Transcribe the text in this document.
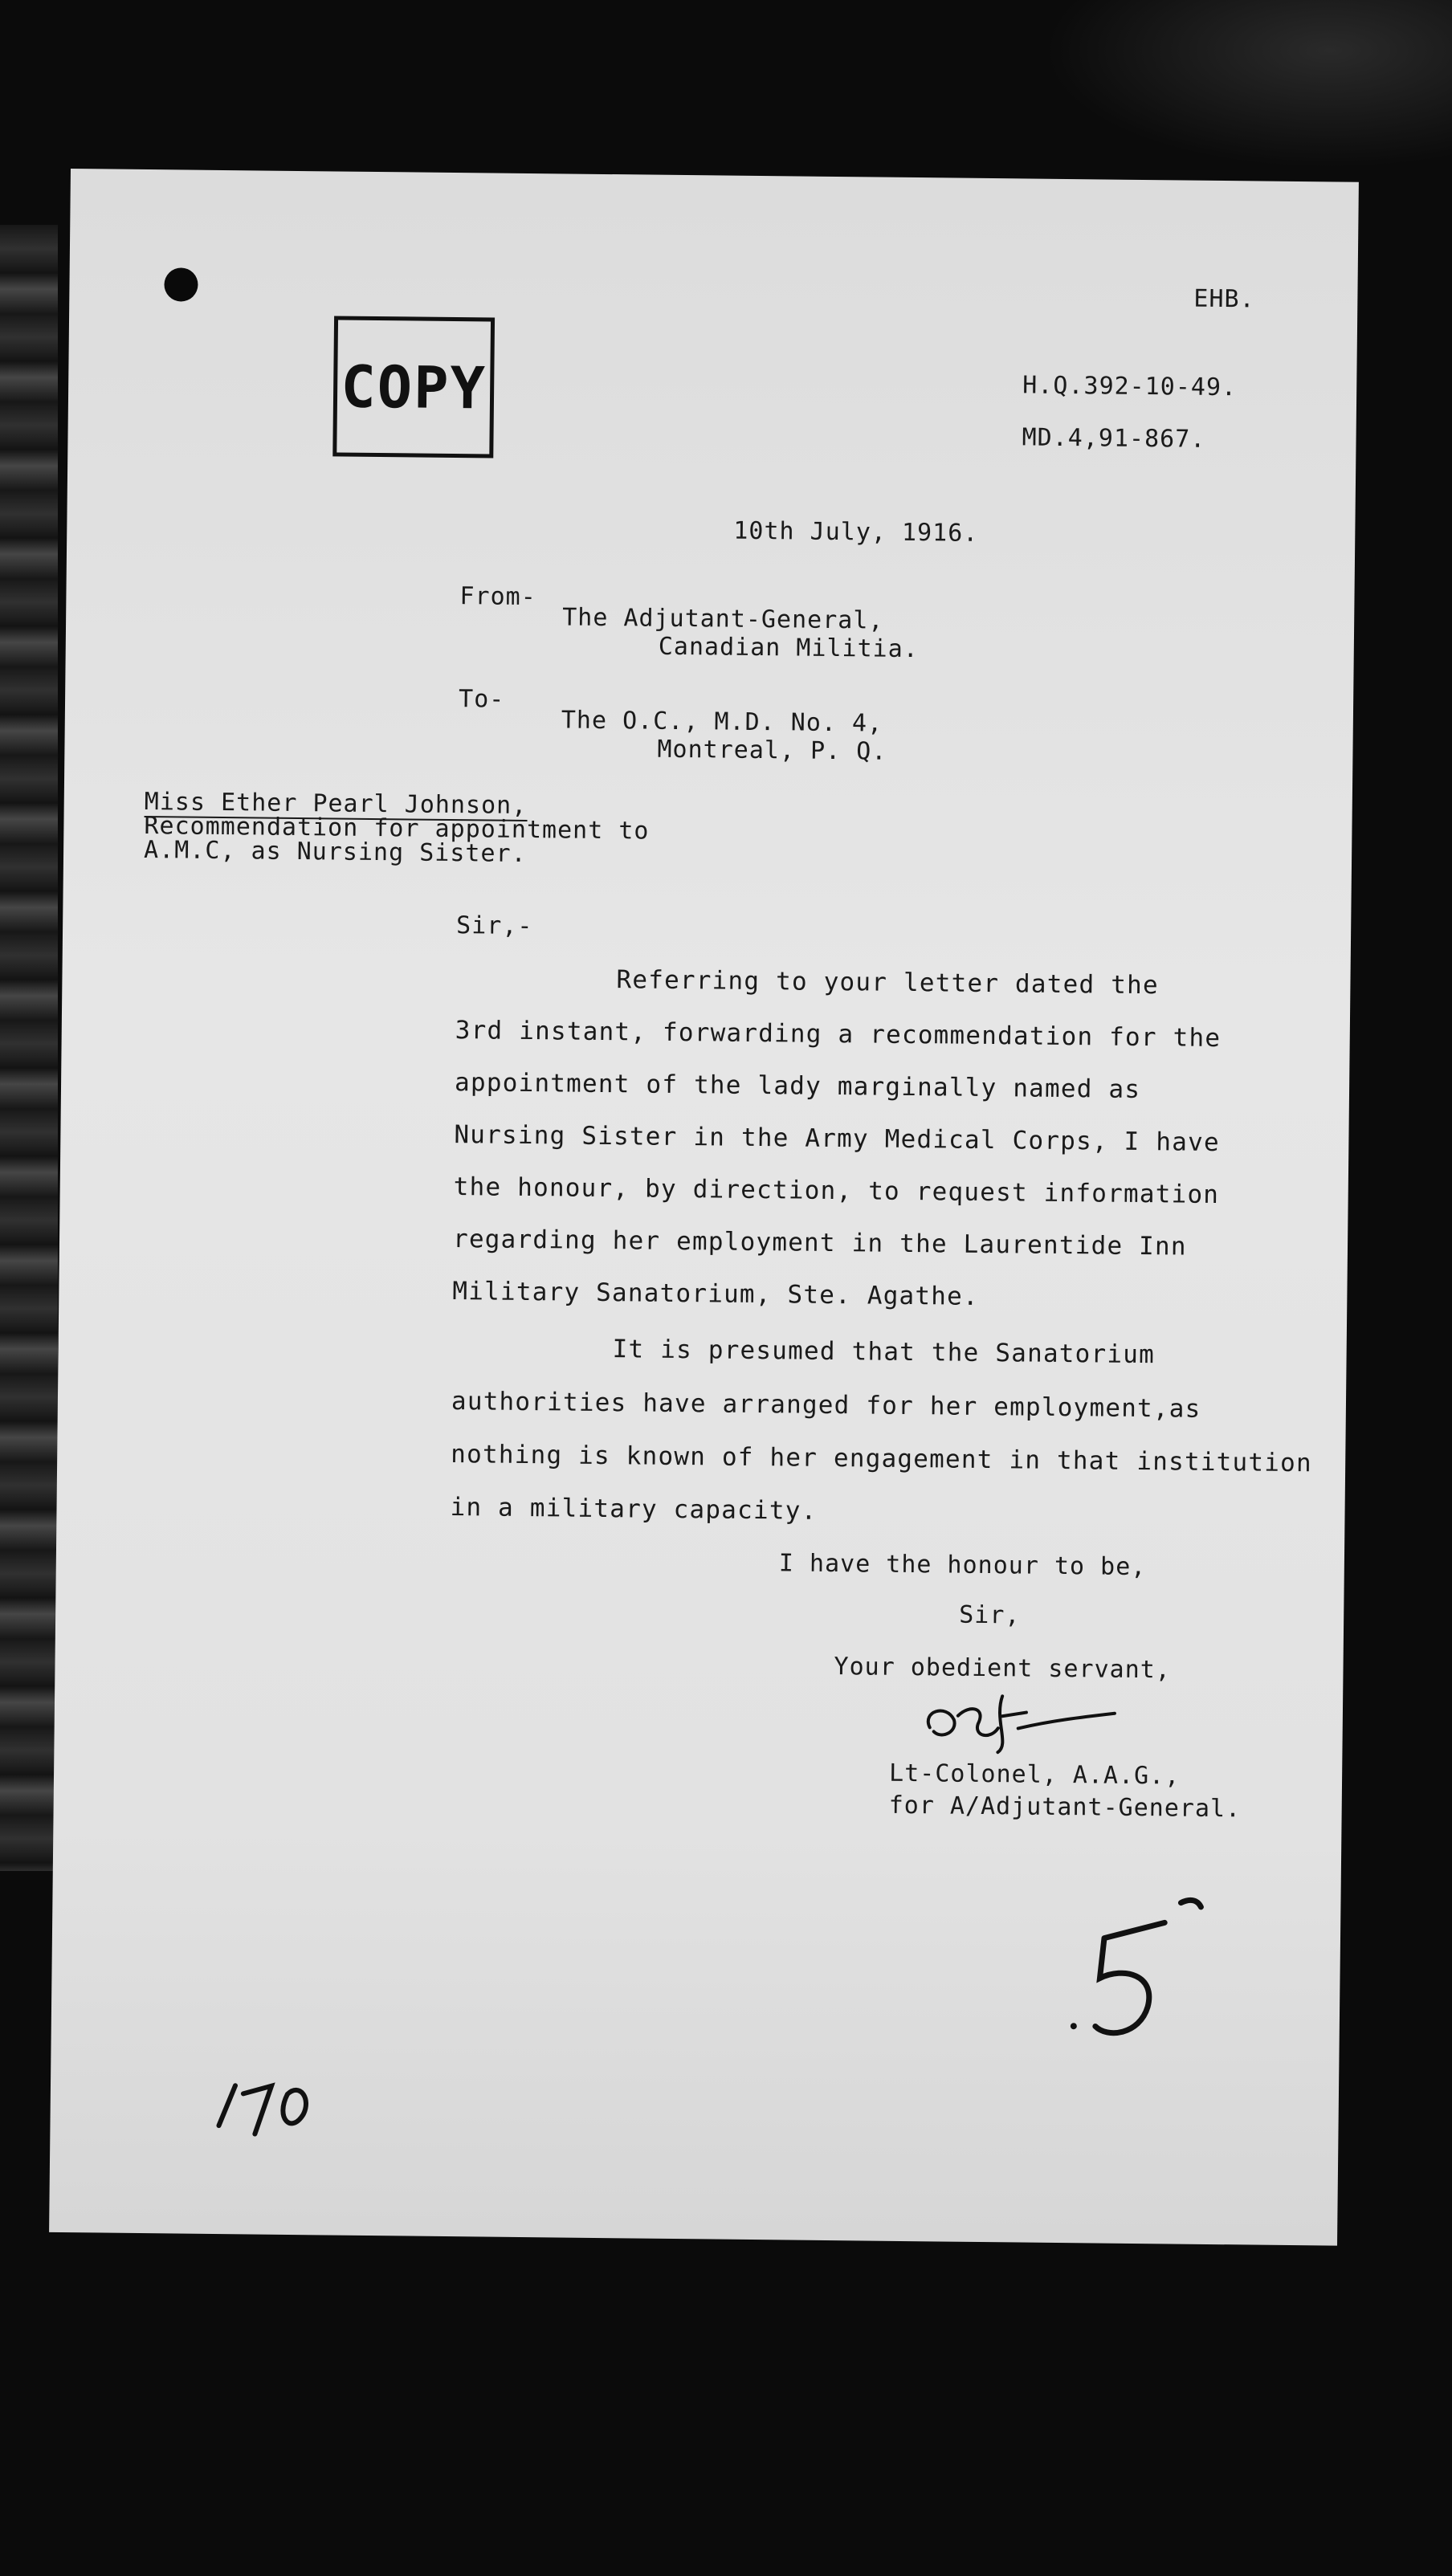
EHB.
COPY	H.Q.392-10-49.
MD.4,91-867.
10th July, 1916.
From-
The Adjutant-General,
Canadian Militia.
To-
The O.C., M.D. No. 4,
Montreal, P. Q.
Miss Ether Pearl Johnson,
Recommendation for appointment to
A.M.C, as Nursing Sister.
Sir,-
Referring to your letter dated the
3rd instant, forwarding a recommendation for the
appointment of the lady marginally named as
Nursing Sister in the Army Medical Corps, I have
the honour, by direction, to request information
regarding her employment in the Laurentide Inn
Military Sanatorium, Ste. Agathe.
It is presumed that the Sanatorium
authorities have arranged for her employment,as
nothing is known of her engagement in that institution
in a military capacity.
I have the honour to be,
Sir,
Your obedient servant,
Lt-Colonel, A.A.G.,
for A/Adjutant-General.
